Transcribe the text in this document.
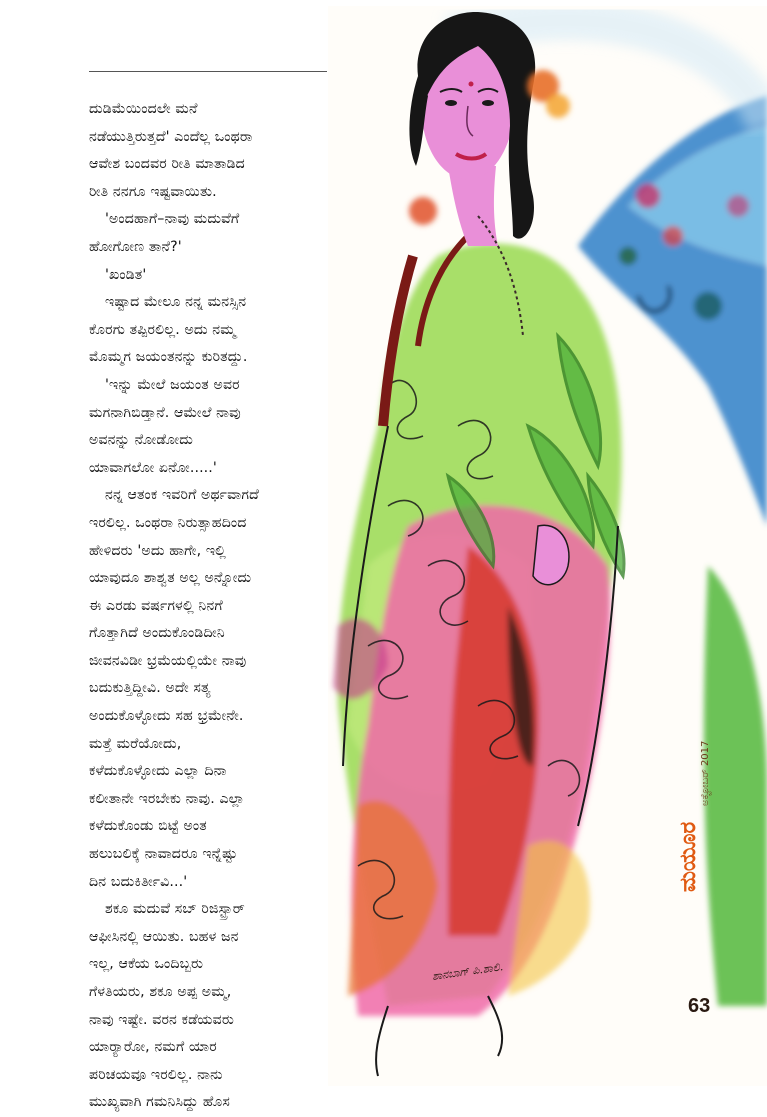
ದುಡಿಮೆಯಿಂದಲೇ ಮನೆ
ನಡೆಯುತ್ತಿರುತ್ತದೆ' ಎಂದೆಲ್ಲ ಒಂಥರಾ
ಆವೇಶ ಬಂದವರ ರೀತಿ ಮಾತಾಡಿದ
ರೀತಿ ನನಗೂ ಇಷ್ಟವಾಯಿತು.
'ಅಂದಹಾಗೆ–ನಾವು ಮದುವೆಗೆ
ಹೋಗೋಣ ತಾನೆ?'
'ಖಂಡಿತ'
ಇಷ್ಟಾದ ಮೇಲೂ ನನ್ನ ಮನಸ್ಸಿನ
ಕೊರಗು ತಪ್ಪಿರಲಿಲ್ಲ. ಅದು ನಮ್ಮ
ಮೊಮ್ಮಗ ಜಯಂತನನ್ನು ಕುರಿತದ್ದು.
'ಇನ್ನು ಮೇಲೆ ಜಯಂತ ಅವರ
ಮಗನಾಗಿಬಿಡ್ತಾನೆ. ಆಮೇಲೆ ನಾವು
ಅವನನ್ನು ನೋಡೋದು
ಯಾವಾಗಲೋ ಏನೋ.....'
ನನ್ನ ಆತಂಕ ಇವರಿಗೆ ಅರ್ಥವಾಗದೆ
ಇರಲಿಲ್ಲ. ಒಂಥರಾ ನಿರುತ್ಸಾಹದಿಂದ
ಹೇಳಿದರು 'ಅದು ಹಾಗೇ, ಇಲ್ಲಿ
ಯಾವುದೂ ಶಾಶ್ವತ ಅಲ್ಲ ಅನ್ನೋದು
ಈ ಎರಡು ವರ್ಷಗಳಲ್ಲಿ ನಿನಗೆ
ಗೊತ್ತಾಗಿದೆ ಅಂದುಕೊಂಡಿದೀನಿ
ಜೀವನವಿಡೀ ಭ್ರಮೆಯಲ್ಲಿಯೇ ನಾವು
ಬದುಕುತ್ತಿದ್ದೀವಿ. ಅದೇ ಸತ್ಯ
ಅಂದುಕೊಳ್ಳೋದು ಸಹ ಭ್ರಮೇನೇ.
ಮತ್ತೆ ಮರೆಯೋದು,
ಕಳೆದುಕೊಳ್ಳೋದು ಎಲ್ಲಾ ದಿನಾ
ಕಲೀತಾನೇ ಇರಬೇಕು ನಾವು. ಎಲ್ಲಾ
ಕಳೆದುಕೊಂಡು ಬಿಟ್ಟೆ ಅಂತ
ಹಲುಬಲಿಕ್ಕೆ ನಾವಾದರೂ ಇನ್ನೆಷ್ಟು
ದಿನ ಬದುಕಿರ್ತೀವಿ...'
ಶಕೂ ಮದುವೆ ಸಬ್ ರಿಜಿಸ್ಟ್ರಾರ್
ಆಫೀಸಿನಲ್ಲಿ ಆಯಿತು. ಬಹಳ ಜನ
ಇಲ್ಲ, ಆಕೆಯ ಒಂದಿಬ್ಬರು
ಗೆಳತಿಯರು, ಶಕೂ ಅಪ್ಪ ಅಮ್ಮ,
ನಾವು ಇಷ್ಟೇ. ವರನ ಕಡೆಯವರು
ಯಾರ್‍ಯಾರೋ, ನಮಗೆ ಯಾರ
ಪರಿಚಯವೂ ಇರಲಿಲ್ಲ. ನಾನು
ಮುಖ್ಯವಾಗಿ ಗಮನಿಸಿದ್ದು ಹೊಸ
ಮಯೂರ
ಅಕ್ಟೋಬರ್ 2017
63
ಶಾನಬಾಗ್ ಪಿ.ಶಾಲಿ.
